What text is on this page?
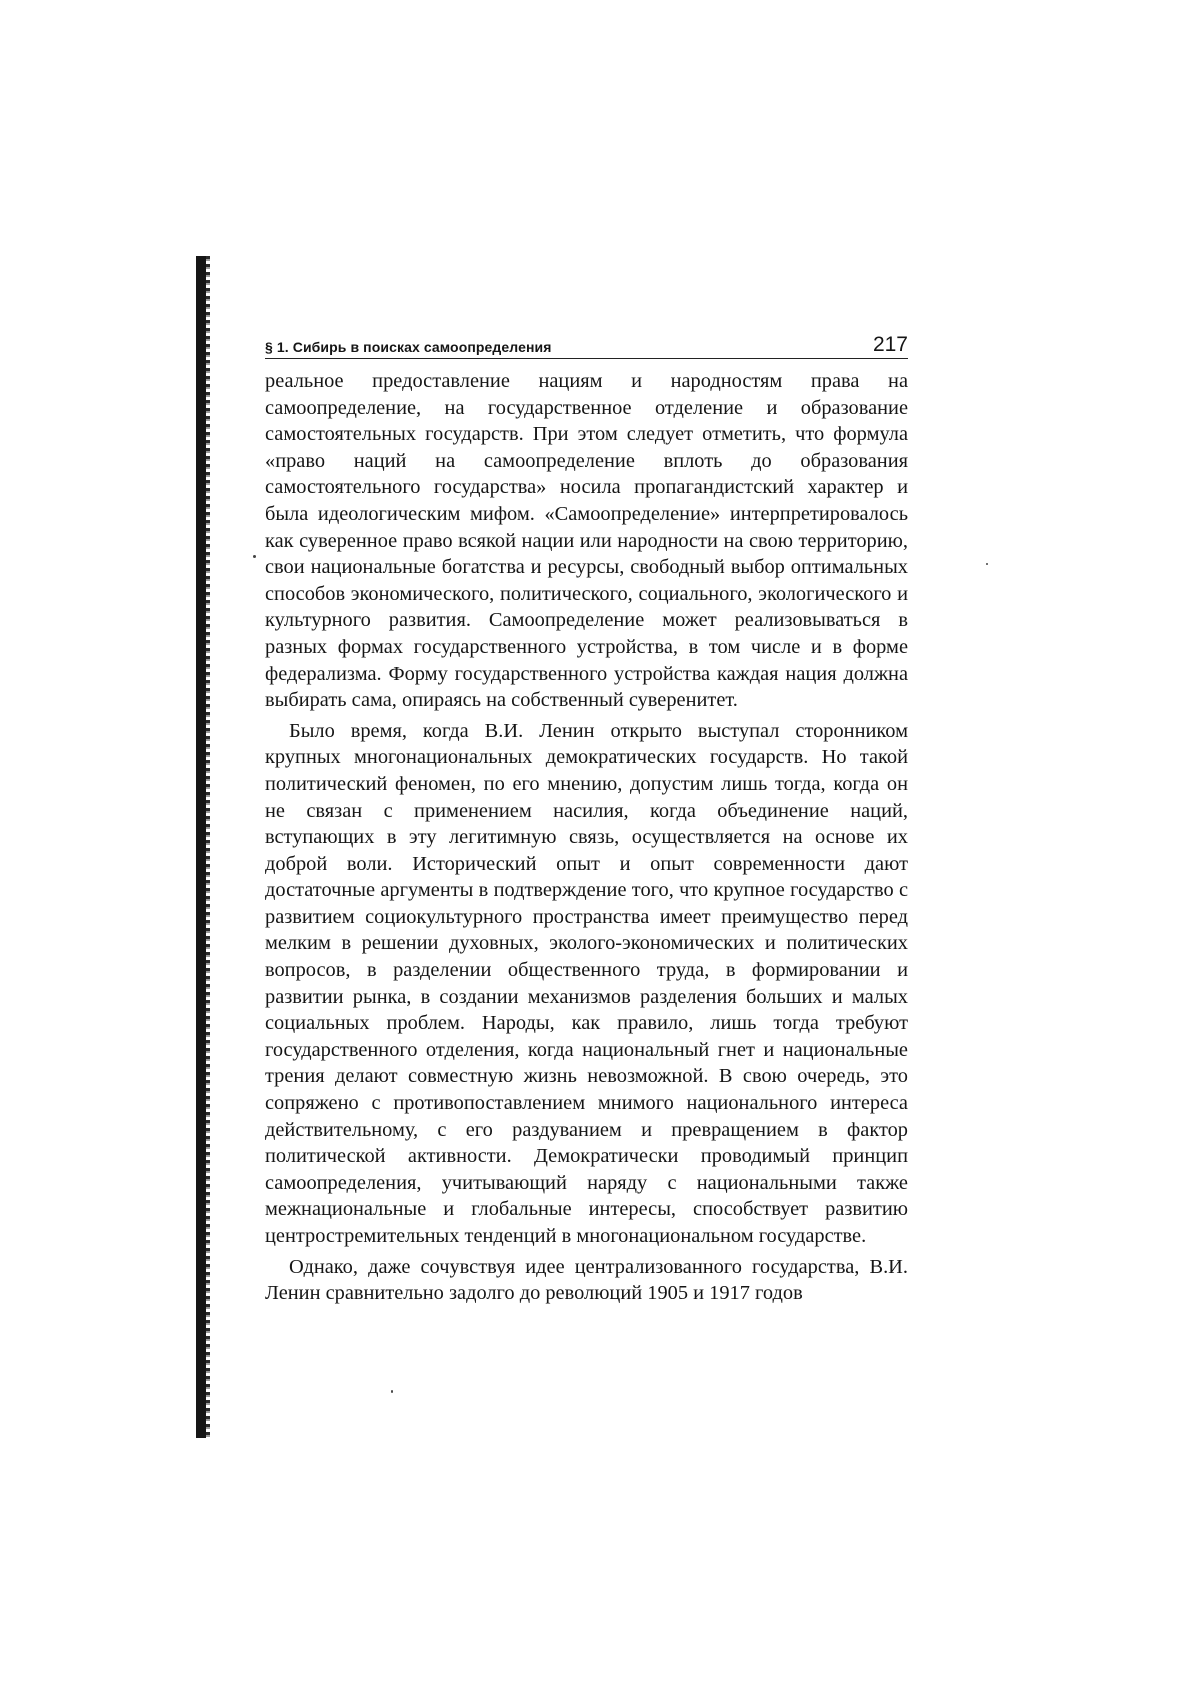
§ 1. Сибирь в поисках самоопределения	217

реальное предоставление нациям и народностям права на самоопределение, на государственное отделение и образование самостоятельных государств. При этом следует отметить, что формула «право наций на самоопределение вплоть до образования самостоятельного государства» носила пропагандистский характер и была идеологическим мифом. «Самоопределение» интерпретировалось как суверенное право всякой нации или народности на свою территорию, свои национальные богатства и ресурсы, свободный выбор оптимальных способов экономического, политического, социального, экологического и культурного развития. Самоопределение может реализовываться в разных формах государственного устройства, в том числе и в форме федерализма. Форму государственного устройства каждая нация должна выбирать сама, опираясь на собственный суверенитет.

Было время, когда В.И. Ленин открыто выступал сторонником крупных многонациональных демократических государств. Но такой политический феномен, по его мнению, допустим лишь тогда, когда он не связан с применением насилия, когда объединение наций, вступающих в эту легитимную связь, осуществляется на основе их доброй воли. Исторический опыт и опыт современности дают достаточные аргументы в подтверждение того, что крупное государство с развитием социокультурного пространства имеет преимущество перед мелким в решении духовных, эколого-экономических и политических вопросов, в разделении общественного труда, в формировании и развитии рынка, в создании механизмов разделения больших и малых социальных проблем. Народы, как правило, лишь тогда требуют государственного отделения, когда национальный гнет и национальные трения делают совместную жизнь невозможной. В свою очередь, это сопряжено с противопоставлением мнимого национального интереса действительному, с его раздуванием и превращением в фактор политической активности. Демократически проводимый принцип самоопределения, учитывающий наряду с национальными также межнациональные и глобальные интересы, способствует развитию центростремительных тенденций в многонациональном государстве.

Однако, даже сочувствуя идее централизованного государства, В.И. Ленин сравнительно задолго до революций 1905 и 1917 годов
